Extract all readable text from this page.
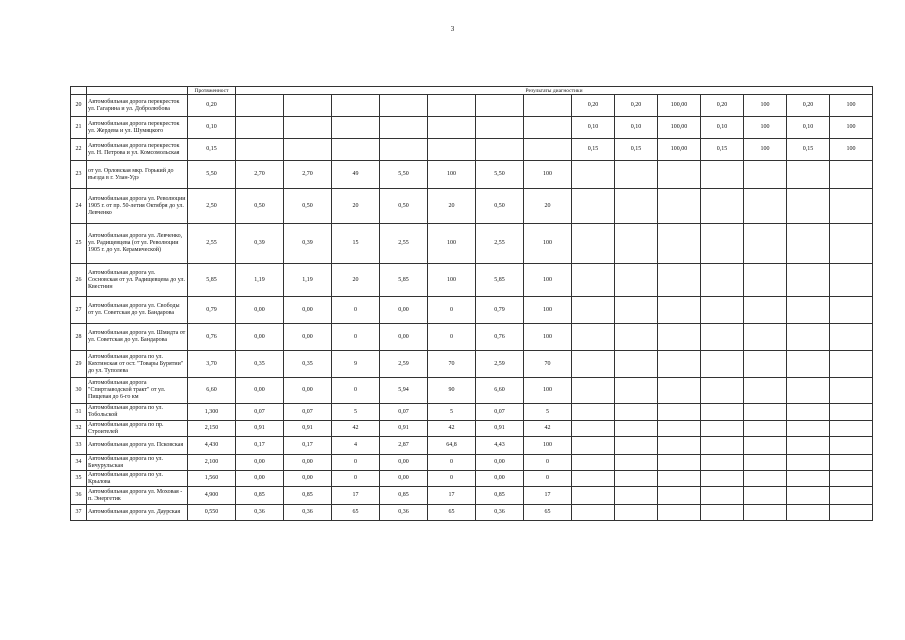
3
		Протяженност	Результаты диагностики													
20	Автомобильная дорога перекресток ул. Гагарина и ул. Добролюбова	0,20								0,20	0,20	100,00	0,20	100	0,20	100
21	Автомобильная дорога перекресток ул. Жердева и ул. Шумяцкого	0,10								0,10	0,10	100,00	0,10	100	0,10	100
22	Автомобильная дорога перекресток ул. Н. Петрова и ул. Комсомольская	0,15								0,15	0,15	100,00	0,15	100	0,15	100
23	от ул. Орловская мкр. Горький до въезда в г. Улан-Удэ	5,50	2,70	2,70	49	5,50	100	5,50	100							
24	Автомобильная дорога ул. Революции 1905 г. от пр. 50-летия Октября до ул. Левченко	2,50	0,50	0,50	20	0,50	20	0,50	20							
25	Автомобильная дорога ул. Левченко, ул. Радищевцева (от ул. Революции 1905 г. до ул. Керамической)	2,55	0,39	0,39	15	2,55	100	2,55	100							
26	Автомобильная дорога ул. Сосновская от ул. Радищевцева до ул. Квестнин	5,85	1,19	1,19	20	5,85	100	5,85	100							
27	Автомобильная дорога ул. Свободы от ул. Советская до ул. Бандарова	0,79	0,00	0,00	0	0,00	0	0,79	100							
28	Автомобильная дорога ул. Шмидта от ул. Советская до ул. Бандарова	0,76	0,00	0,00	0	0,00	0	0,76	100							
29	Автомобильная дорога по ул. Кяхтинская от ост. "Товары Бурятии" до ул. Туполева	3,70	0,35	0,35	9	2,59	70	2,59	70							
30	Автомобильная дорога "Спиртзаводской тракт" от ул. Пищевая до 6-го км	6,60	0,00	0,00	0	5,94	90	6,60	100							
31	Автомобильная дорога по ул. Тобольской	1,300	0,07	0,07	5	0,07	5	0,07	5							
32	Автомобильная дорога по пр. Строителей	2,150	0,91	0,91	42	0,91	42	0,91	42							
33	Автомобильная дорога ул. Псковская	4,430	0,17	0,17	4	2,87	64,8	4,43	100							
34	Автомобильная дорога по ул. Бичурульская	2,100	0,00	0,00	0	0,00	0	0,00	0							
35	Автомобильная дорога по ул. Крылова	1,560	0,00	0,00	0	0,00	0	0,00	0							
36	Автомобильная дорога ул. Моховая - п. Энергетик	4,900	0,85	0,85	17	0,85	17	0,85	17							
37	Автомобильная дорога ул. Даурская	0,550	0,36	0,36	65	0,36	65	0,36	65							
